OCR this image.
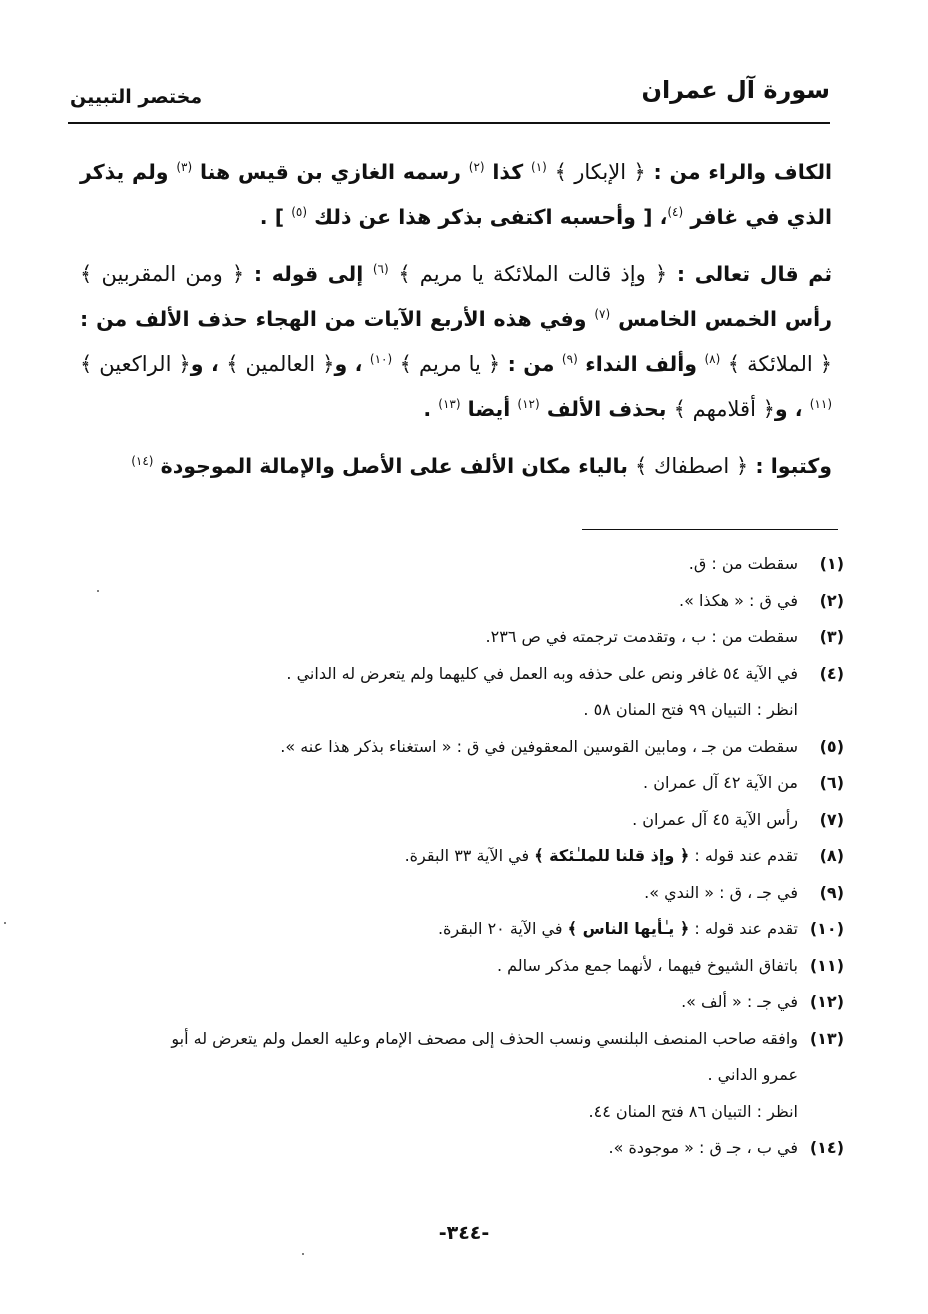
سورة آل عمران
مختصر التبيين

الكاف والراء من : ﴿ الإبكار ﴾ $^{(١)}$ كذا $^{(٢)}$ رسمه الغازي بن قيس هنا $^{(٣)}$ ولم يذكر الذي في غافر $^{(٤)}$، [ وأحسبه اكتفى بذكر هذا عن ذلك $^{(٥)}$ ] .

ثم قال تعالى : ﴿ وإذ قالت الملائكة يا مريم ﴾ $^{(٦)}$ إلى قوله : ﴿ ومن المقربين ﴾ رأس الخمس الخامس $^{(٧)}$ وفي هذه الأربع الآيات من الهجاء حذف الألف من : ﴿ الملائكة ﴾ $^{(٨)}$ وألف النداء $^{(٩)}$ من : ﴿ يا مريم ﴾ $^{(١٠)}$ ، و﴿ العالمين ﴾ ، و﴿ الراكعين ﴾ $^{(١١)}$ ، و﴿ أقلامهم ﴾ بحذف الألف $^{(١٢)}$ أيضا $^{(١٣)}$ .

وكتبوا : ﴿ اصطفاك ﴾ بالياء مكان الألف على الأصل والإمالة الموجودة $^{(١٤)}$

(١)
سقطت من : ق.
(٢)
في ق : « هكذا ».
(٣)
سقطت من : ب ، وتقدمت ترجمته في ص ٢٣٦.
(٤)
في الآية ٥٤ غافر ونص على حذفه وبه العمل في كليهما ولم يتعرض له الداني .
انظر : التبيان ٩٩ فتح المنان ٥٨ .
(٥)
سقطت من جـ ، ومابين القوسين المعقوفين في ق : « استغناء بذكر هذا عنه ».
(٦)
من الآية ٤٢ آل عمران .
(٧)
رأس الآية ٤٥ آل عمران .
(٨)
تقدم عند قوله : ﴿ وإذ قلنا للملـٰئكة ﴾ في الآية ٣٣ البقرة.
(٩)
في جـ ، ق : « الندي ».
(١٠)
تقدم عند قوله : ﴿ يـٰأيها الناس ﴾ في الآية ٢٠ البقرة.
(١١)
باتفاق الشيوخ فيهما ، لأنهما جمع مذكر سالم .
(١٢)
في جـ : « ألف ».
(١٣)
وافقه صاحب المنصف البلنسي ونسب الحذف إلى مصحف الإمام وعليه العمل ولم يتعرض له أبو
عمرو الداني .
انظر : التبيان ٨٦ فتح المنان ٤٤.
(١٤)
في ب ، جـ ق : « موجودة ».
-٣٤٤-
